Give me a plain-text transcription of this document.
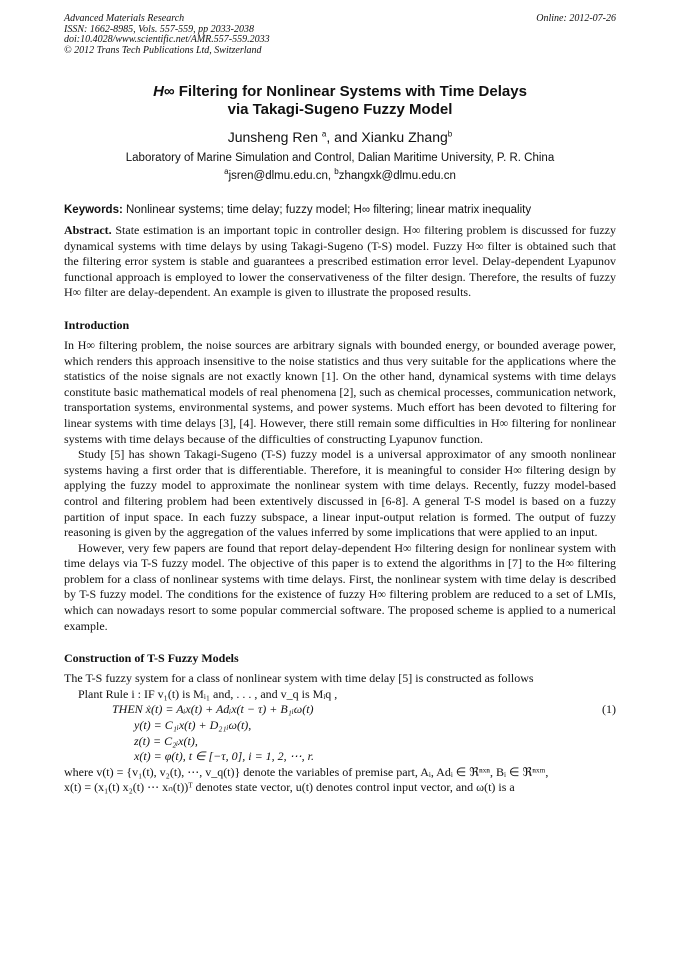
Advanced Materials Research
ISSN: 1662-8985, Vols. 557-559, pp 2033-2038
doi:10.4028/www.scientific.net/AMR.557-559.2033
© 2012 Trans Tech Publications Ltd, Switzerland
Online: 2012-07-26
H∞ Filtering for Nonlinear Systems with Time Delays
via Takagi-Sugeno Fuzzy Model
Junsheng Ren $^a$, and Xianku Zhang$^b$
Laboratory of Marine Simulation and Control, Dalian Maritime University, P. R. China
$^a$jsren@dlmu.edu.cn, $^b$zhangxk@dlmu.edu.cn
Keywords: Nonlinear systems; time delay; fuzzy model; H∞ filtering; linear matrix inequality

Abstract. State estimation is an important topic in controller design. H∞ filtering problem is discussed for fuzzy dynamical systems with time delays by using Takagi-Sugeno (T-S) model. Fuzzy H∞ filter is obtained such that the filtering error system is stable and guarantees a prescribed estimation error level. Delay-dependent Lyapunov functional approach is employed to lower the conservativeness of the filter design. Therefore, the results of fuzzy H∞ filter are delay-dependent. An example is given to illustrate the proposed results.

Introduction

In H∞ filtering problem, the noise sources are arbitrary signals with bounded energy, or bounded average power, which renders this approach insensitive to the noise statistics and thus very suitable for the applications where the statistics of the noise signals are not exactly known [1]. On the other hand, dynamical systems with time delays constitute basic mathematical models of real phenomena [2], such as chemical processes, communication network, transportation systems, environmental systems, and power systems. Much effort has been devoted to filtering for linear systems with time delays [3], [4]. However, there still remain some difficulties in H∞ filtering for nonlinear systems with time delays because of the difficulties of constructing Lyapunov function.

Study [5] has shown Takagi-Sugeno (T-S) fuzzy model is a universal approximator of any smooth nonlinear systems having a first order that is differentiable. Therefore, it is meaningful to consider H∞ filtering design by applying the fuzzy model to approximate the nonlinear system with time delays. Recently, fuzzy model-based control and filtering problem had been extentively discussed in [6-8]. A general T-S model is based on a fuzzy partition of input space. In each fuzzy subspace, a linear input-output relation is formed. The output of fuzzy reasoning is given by the aggregation of the values inferred by some implications that were applied to an input.

However, very few papers are found that report delay-dependent H∞ filtering design for nonlinear system with time delays via T-S fuzzy model. The objective of this paper is to extend the algorithms in [7] to the H∞ filtering problem for a class of nonlinear systems with time delays. First, the nonlinear system with time delay is described by T-S fuzzy model. The conditions for the existence of fuzzy H∞ filtering problem are reduced to a set of LMIs, which can nowadays resort to some popular commercial software. The proposed scheme is applied to a numerical example.

Construction of T-S Fuzzy Models

The T-S fuzzy system for a class of nonlinear system with time delay [5] is constructed as follows

Plant Rule i : IF v₁(t) is Mᵢ₁ and, . . . , and v_q is Mᵢq ,
THEN ẋ(t) = Aᵢx(t) + Adᵢx(t − τ) + B₁ᵢω(t)	(1)
y(t) = C₁ᵢx(t) + D₂₁ᵢω(t),
z(t) = C₂ᵢx(t),
x(t) = φ(t), t ∈ [−τ, 0], i = 1, 2, ⋯, r.

where v(t) = {v₁(t), v₂(t), ⋯, v_q(t)} denote the variables of premise part, Aᵢ, Adᵢ ∈ ℜⁿˣⁿ, Bᵢ ∈ ℜⁿˣᵐ,

x(t) = (x₁(t) x₂(t) ⋯ xₙ(t))ᵀ denotes state vector, u(t) denotes control input vector, and ω(t) is a
